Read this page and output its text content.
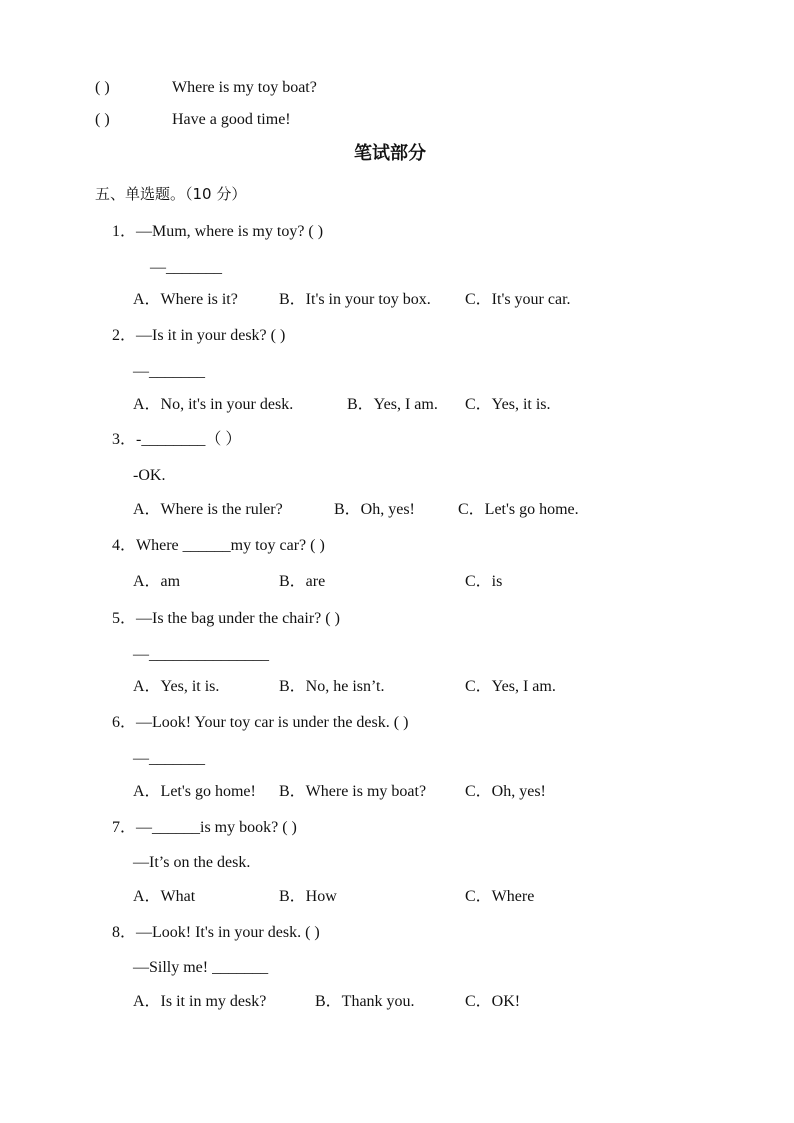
( )	Where is my toy boat?
( )	Have a good time!
笔试部分
五、单选题。（10 分）
1．—Mum, where is my toy? ( )
—_______
A．Where is it?	B．It's in your toy box. C．It's your car.
2．—Is it in your desk? ( )
—_______
A．No, it's in your desk.	B．Yes, I am. C．Yes, it is.
3．-________（ ）
-OK.
A．Where is the ruler?	B．Oh, yes!	C．Let's go home.
4．Where ______my toy car? ( )
A．am	B．are	C．is
5．—Is the bag under the chair? ( )
—_______________
A．Yes, it is.	B．No, he isn’t.	C．Yes, I am.
6．—Look! Your toy car is under the desk. ( )
—_______
A．Let's go home! B．Where is my boat? C．Oh, yes!
7．—______is my book? ( )
—It’s on the desk.
A．What	B．How	C．Where
8．—Look! It's in your desk. ( )
—Silly me! _______
A．Is it in my desk?	B．Thank you.	C．OK!
